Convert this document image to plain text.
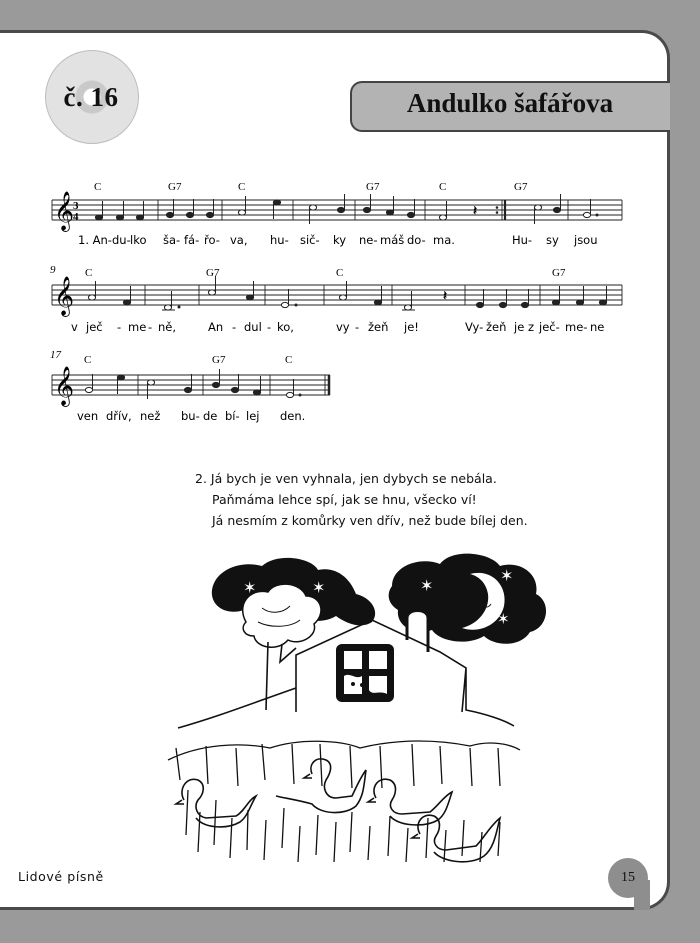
č. 16	Andulko šafářova
𝄞
3
4	𝄽
C	G7	C	G7	C	G7
1. An- du- lko ša- fá- řo- va, hu- sič- ky ne- máš do- ma.	Hu- sy jsou
9
𝄞	𝄽
C	G7	C	G7
v ječ - me - ně,	An - dul - ko,	vy - žeň je!	Vy- žeň je z ječ- me- ne
17
𝄞
C	G7	C
ven dřív, než bu- de bí- lej den.
✶	✶	✶
✶
✶
2. Já bych je ven vyhnala, jen dybych se nebála.
Paňmáma lehce spí, jak se hnu, všecko ví!
Já nesmím z komůrky ven dřív, než bude bílej den.
Lidové písně	15
